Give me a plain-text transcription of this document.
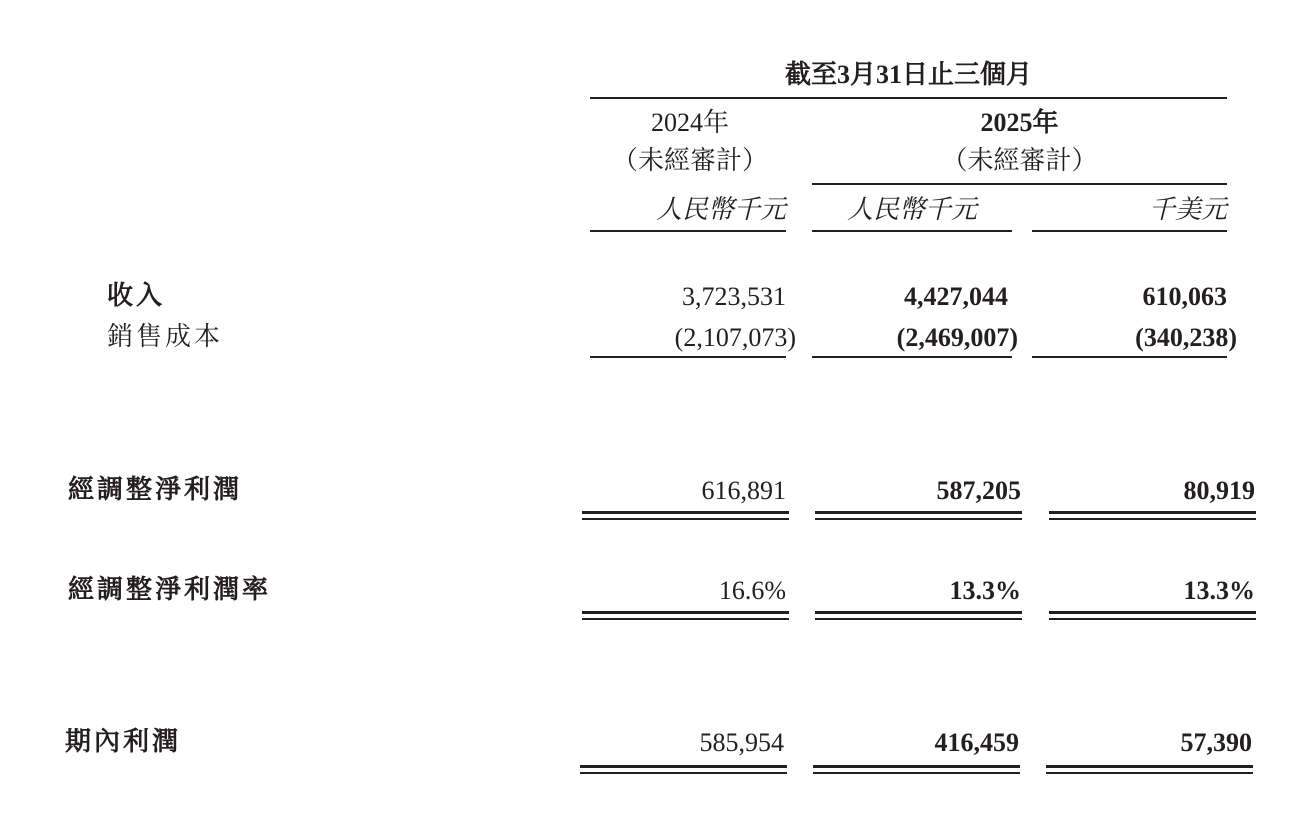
截至3月31日止三個月
2024年
（未經審計）
2025年
（未經審計）
人民幣千元	人民幣千元	千美元
收入	3,723,531	4,427,044	610,063
銷售成本	(2,107,073)	(2,469,007)	(340,238)
經調整淨利潤	616,891	587,205	80,919
經調整淨利潤率	16.6%	13.3%	13.3%
期內利潤	585,954	416,459	57,390
